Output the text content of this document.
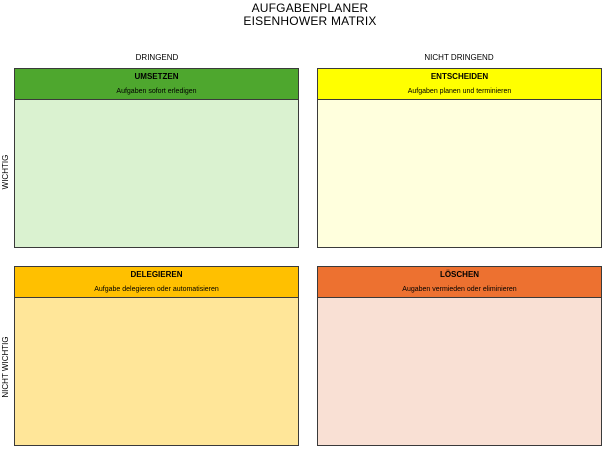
AUFGABENPLANER
EISENHOWER MATRIX
DRINGEND	NICHT DRINGEND
WICHTIG
NICHT WICHTIG
UMSETZEN
Aufgaben sofort erledigen
ENTSCHEIDEN
Aufgaben planen und terminieren
DELEGIEREN
Aufgabe delegieren oder automatisieren
LÖSCHEN
Augaben vermieden oder eliminieren
